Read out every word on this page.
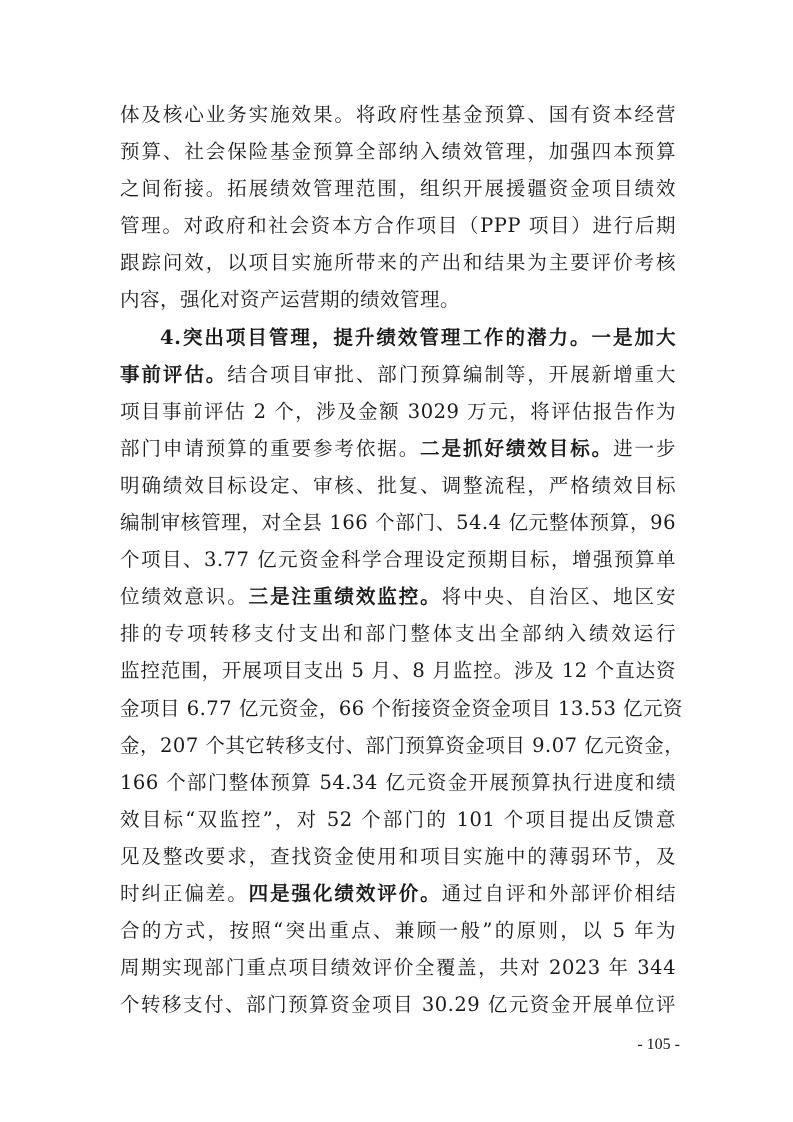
体及核心业务实施效果。将政府性基金预算、国有资本经营
预算、社会保险基金预算全部纳入绩效管理，加强四本预算
之间衔接。拓展绩效管理范围，组织开展援疆资金项目绩效
管理。对政府和社会资本方合作项目（PPP 项目）进行后期
跟踪问效，以项目实施所带来的产出和结果为主要评价考核
内容，强化对资产运营期的绩效管理。
4.突出项目管理，提升绩效管理工作的潜力。一是加大
事前评估。结合项目审批、部门预算编制等，开展新增重大
项目事前评估 2 个，涉及金额 3029 万元，将评估报告作为
部门申请预算的重要参考依据。二是抓好绩效目标。进一步
明确绩效目标设定、审核、批复、调整流程，严格绩效目标
编制审核管理，对全县 166 个部门、54.4 亿元整体预算，96
个项目、3.77 亿元资金科学合理设定预期目标，增强预算单
位绩效意识。三是注重绩效监控。将中央、自治区、地区安
排的专项转移支付支出和部门整体支出全部纳入绩效运行
监控范围，开展项目支出 5 月、8 月监控。涉及 12 个直达资
金项目 6.77 亿元资金，66 个衔接资金资金项目 13.53 亿元资
金，207 个其它转移支付、部门预算资金项目 9.07 亿元资金，
166 个部门整体预算 54.34 亿元资金开展预算执行进度和绩
效目标“双监控”，对 52 个部门的 101 个项目提出反馈意
见及整改要求，查找资金使用和项目实施中的薄弱环节，及
时纠正偏差。四是强化绩效评价。通过自评和外部评价相结
合的方式，按照“突出重点、兼顾一般”的原则，以 5 年为
周期实现部门重点项目绩效评价全覆盖，共对 2023 年 344
个转移支付、部门预算资金项目 30.29 亿元资金开展单位评
- 105 -
